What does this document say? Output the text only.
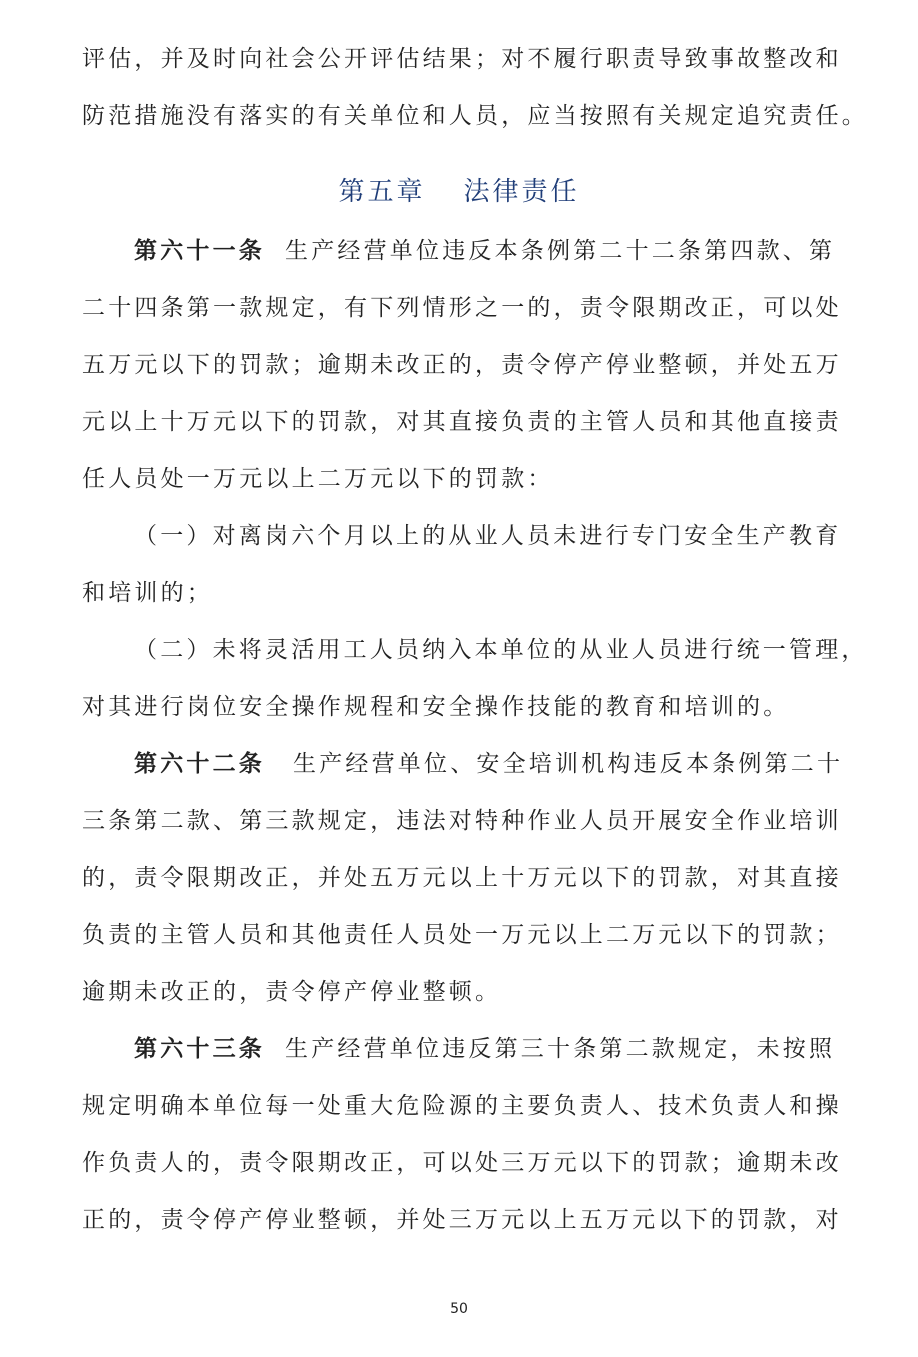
评估，并及时向社会公开评估结果；对不履行职责导致事故整改和
防范措施没有落实的有关单位和人员，应当按照有关规定追究责任。
第五章 法律责任
第六十一条 生产经营单位违反本条例第二十二条第四款、第
二十四条第一款规定，有下列情形之一的，责令限期改正，可以处
五万元以下的罚款；逾期未改正的，责令停产停业整顿，并处五万
元以上十万元以下的罚款，对其直接负责的主管人员和其他直接责
任人员处一万元以上二万元以下的罚款：
（一）对离岗六个月以上的从业人员未进行专门安全生产教育
和培训的；
（二）未将灵活用工人员纳入本单位的从业人员进行统一管理，
对其进行岗位安全操作规程和安全操作技能的教育和培训的。
第六十二条 生产经营单位、安全培训机构违反本条例第二十
三条第二款、第三款规定，违法对特种作业人员开展安全作业培训
的，责令限期改正，并处五万元以上十万元以下的罚款，对其直接
负责的主管人员和其他责任人员处一万元以上二万元以下的罚款；
逾期未改正的，责令停产停业整顿。
第六十三条 生产经营单位违反第三十条第二款规定，未按照
规定明确本单位每一处重大危险源的主要负责人、技术负责人和操
作负责人的，责令限期改正，可以处三万元以下的罚款；逾期未改
正的，责令停产停业整顿，并处三万元以上五万元以下的罚款，对
50
